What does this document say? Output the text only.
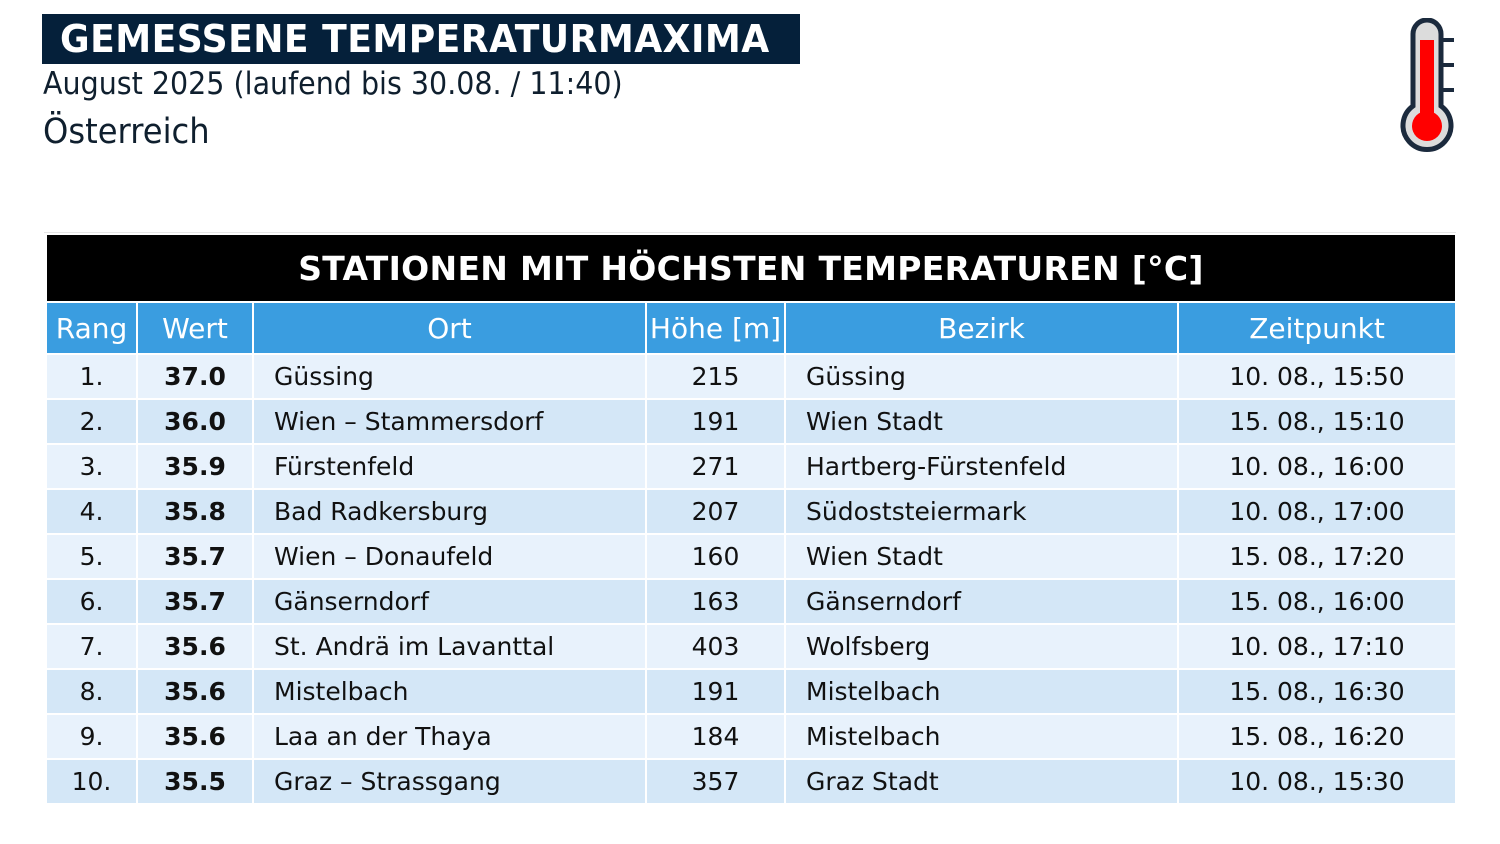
GEMESSENE TEMPERATURMAXIMA
August 2025 (laufend bis 30.08. / 11:40)
Österreich
STATIONEN MIT HÖCHSTEN TEMPERATUREN [°C]					
Rang	Wert	Ort	Höhe [m]	Bezirk	Zeitpunkt
1.	37.0	Güssing	215	Güssing	10. 08., 15:50
2.	36.0	Wien – Stammersdorf	191	Wien Stadt	15. 08., 15:10
3.	35.9	Fürstenfeld	271	Hartberg-Fürstenfeld	10. 08., 16:00
4.	35.8	Bad Radkersburg	207	Südoststeiermark	10. 08., 17:00
5.	35.7	Wien – Donaufeld	160	Wien Stadt	15. 08., 17:20
6.	35.7	Gänserndorf	163	Gänserndorf	15. 08., 16:00
7.	35.6	St. Andrä im Lavanttal	403	Wolfsberg	10. 08., 17:10
8.	35.6	Mistelbach	191	Mistelbach	15. 08., 16:30
9.	35.6	Laa an der Thaya	184	Mistelbach	15. 08., 16:20
10.	35.5	Graz – Strassgang	357	Graz Stadt	10. 08., 15:30
